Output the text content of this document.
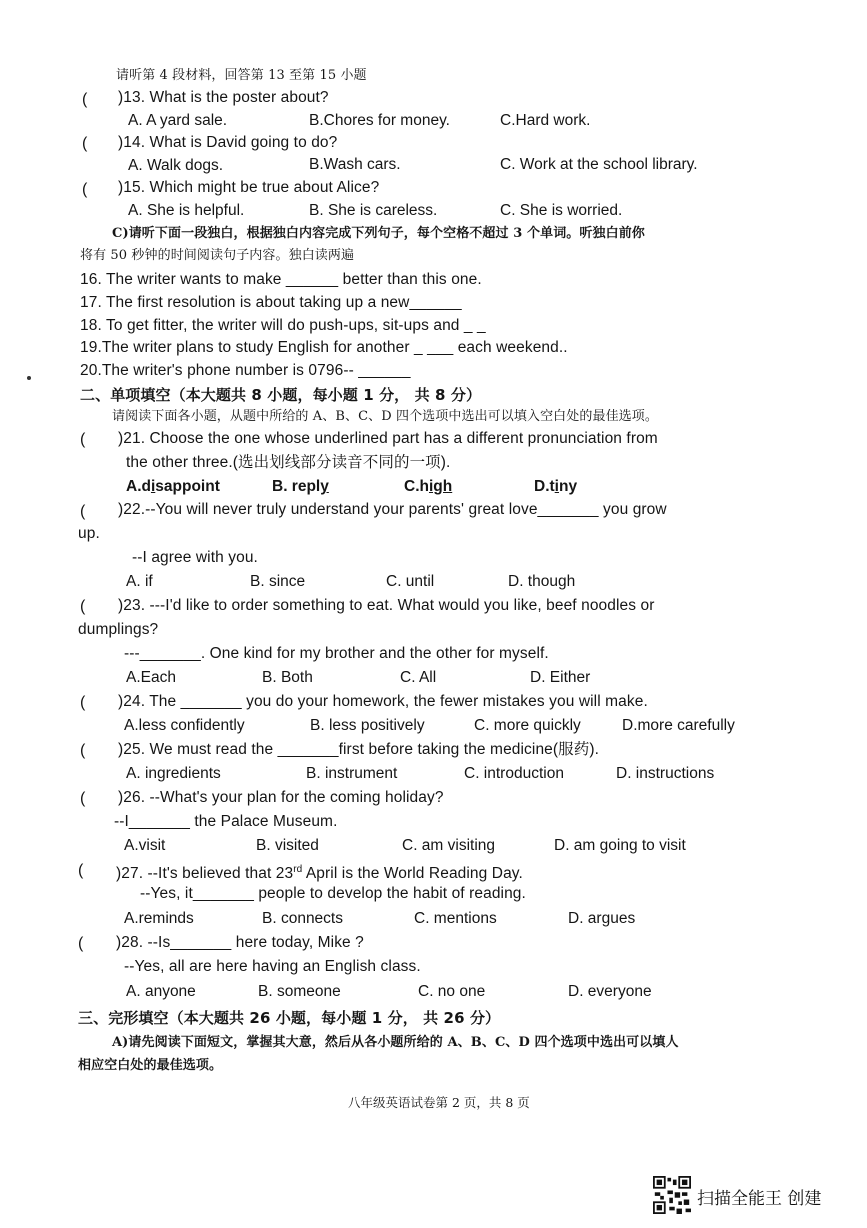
请听第 4 段材料，回答第 13 至第 15 小题
( )13. What is the poster about?
A. A yard sale.	B.Chores for money.	C.Hard work.
( )14. What is David going to do?
A. Walk dogs.	B.Wash cars.	C. Work at the school library.
( )15. Which might be true about Alice?
A. She is helpful.	B. She is careless.	C. She is worried.
C)请听下面一段独白，根据独白内容完成下列句子，每个空格不超过 3 个单词。听独白前你
将有 50 秒钟的时间阅读句子内容。独白读两遍
16. The writer wants to make ______ better than this one.
17. The first resolution is about taking up a new______
18. To get fitter, the writer will do push-ups, sit-ups and _ _
19.The writer plans to study English for another _ ___ each weekend..
20.The writer's phone number is 0796-- ______
二、单项填空（本大题共 8 小题，每小题 1 分， 共 8 分）
请阅读下面各小题，从题中所给的 A、B、C、D 四个选项中选出可以填入空白处的最佳选项。
( )21. Choose the one whose underlined part has a different pronunciation from
the other three.(选出划线部分读音不同的一项).
A.disappoint	B. reply	C.high	D.tiny
( )22.--You will never truly understand your parents' great love_______ you grow
up.
--I agree with you.
A. if	B. since	C. until	D. though
( )23. ---I'd like to order something to eat. What would you like, beef noodles or
dumplings?
---_______. One kind for my brother and the other for myself.
A.Each	B. Both	C. All	D. Either
( )24. The _______ you do your homework, the fewer mistakes you will make.
A.less confidently	B. less positively	C. more quickly	D.more carefully
( )25. We must read the _______first before taking the medicine(服药).
A. ingredients	B. instrument	C. introduction	D. instructions
( )26. --What's your plan for the coming holiday?
--I_______ the Palace Museum.
A.visit	B. visited	C. am visiting	D. am going to visit
( )27. --It's believed that 23rd April is the World Reading Day.
--Yes, it_______ people to develop the habit of reading.
A.reminds	B. connects	C. mentions	D. argues
( )28. --Is_______ here today, Mike ?
--Yes, all are here having an English class.
A. anyone	B. someone	C. no one	D. everyone
三、完形填空（本大题共 26 小题，每小题 1 分， 共 26 分）
A)请先阅读下面短文，掌握其大意，然后从各小题所给的 A、B、C、D 四个选项中选出可以填人
相应空白处的最佳选项。
八年级英语试卷第 2 页，共 8 页
扫描全能王 创建
